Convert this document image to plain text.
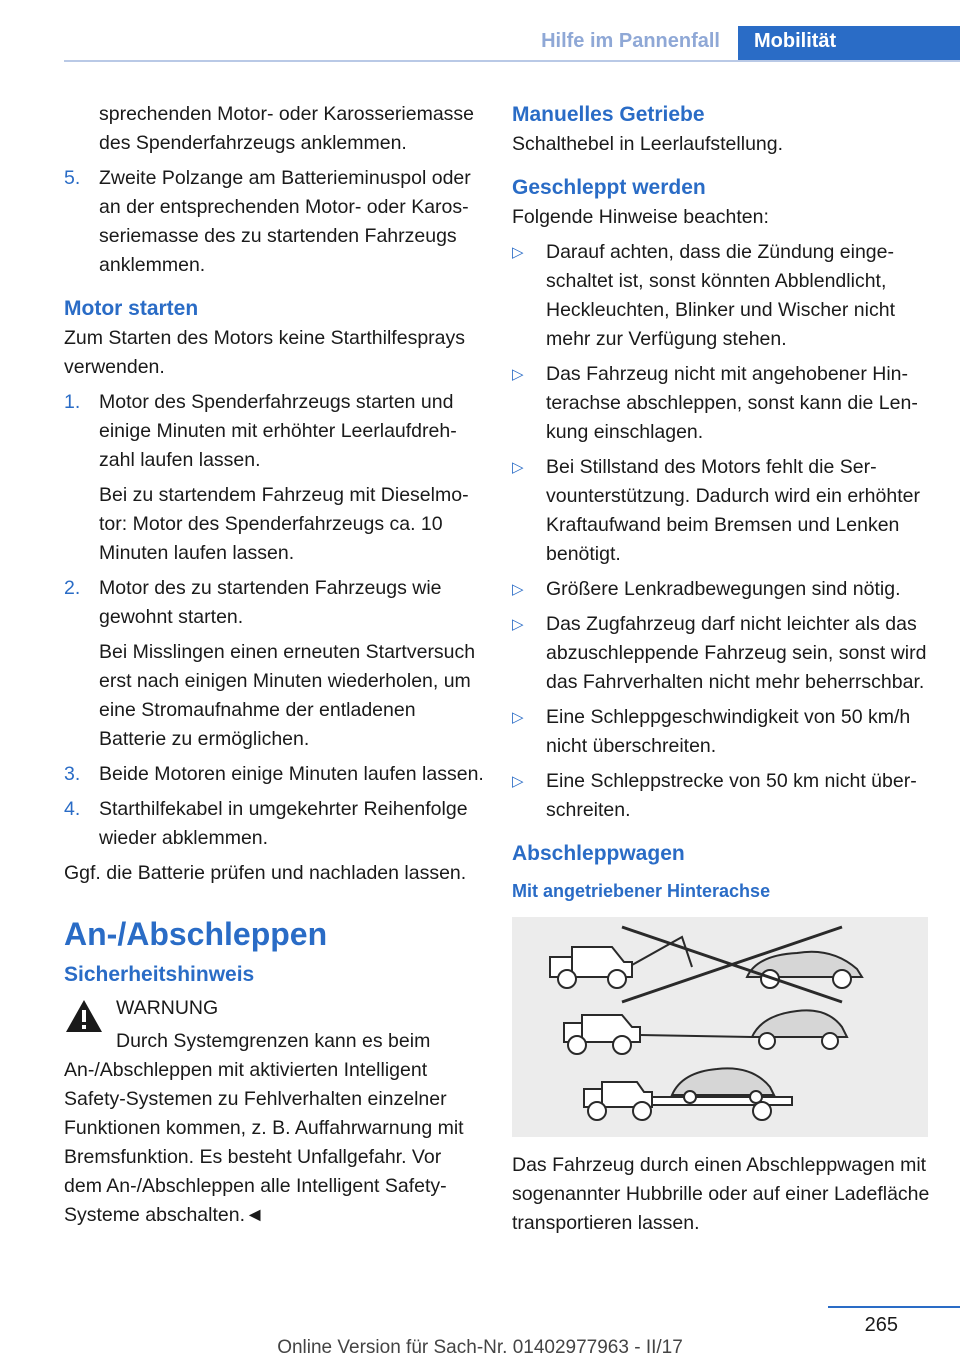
Hilfe im Pannenfall	Mobilität
sprechenden Motor- oder Karosseriemasse des Spenderfahrzeugs anklemmen.
5. Zweite Polzange am Batterieminuspol oder an der entsprechenden Motor- oder Karosseriemasse des zu startenden Fahrzeugs anklemmen.
Motor starten
Zum Starten des Motors keine Starthilfesprays verwenden.
1. Motor des Spenderfahrzeugs starten und einige Minuten mit erhöhter Leerlaufdrehzahl laufen lassen.
Bei zu startendem Fahrzeug mit Dieselmotor: Motor des Spenderfahrzeugs ca. 10 Minuten laufen lassen.
2. Motor des zu startenden Fahrzeugs wie gewohnt starten.
Bei Misslingen einen erneuten Startversuch erst nach einigen Minuten wiederholen, um eine Stromaufnahme der entladenen Batterie zu ermöglichen.
3. Beide Motoren einige Minuten laufen lassen.
4. Starthilfekabel in umgekehrter Reihenfolge wieder abklemmen.
Ggf. die Batterie prüfen und nachladen lassen.
An-/Abschleppen
Sicherheitshinweis
WARNUNG
Durch Systemgrenzen kann es beim An-/Abschleppen mit aktivierten Intelligent Safety-Systemen zu Fehlverhalten einzelner Funktionen kommen, z. B. Auffahrwarnung mit Bremsfunktion. Es besteht Unfallgefahr. Vor dem An-/Abschleppen alle Intelligent Safety-Systeme abschalten.◄
Manuelles Getriebe
Schalthebel in Leerlaufstellung.
Geschleppt werden
Folgende Hinweise beachten:
▷ Darauf achten, dass die Zündung eingeschaltet ist, sonst könnten Abblendlicht, Heckleuchten, Blinker und Wischer nicht mehr zur Verfügung stehen.
▷ Das Fahrzeug nicht mit angehobener Hinterachse abschleppen, sonst kann die Lenkung einschlagen.
▷ Bei Stillstand des Motors fehlt die Servounterstützung. Dadurch wird ein erhöhter Kraftaufwand beim Bremsen und Lenken benötigt.
▷ Größere Lenkradbewegungen sind nötig.
▷ Das Zugfahrzeug darf nicht leichter als das abzuschleppende Fahrzeug sein, sonst wird das Fahrverhalten nicht mehr beherrschbar.
▷ Eine Schleppgeschwindigkeit von 50 km/h nicht überschreiten.
▷ Eine Schleppstrecke von 50 km nicht überschreiten.
Abschleppwagen
Mit angetriebener Hinterachse
Das Fahrzeug durch einen Abschleppwagen mit sogenannter Hubbrille oder auf einer Ladefläche transportieren lassen.
265
Online Version für Sach-Nr. 01402977963 - II/17
